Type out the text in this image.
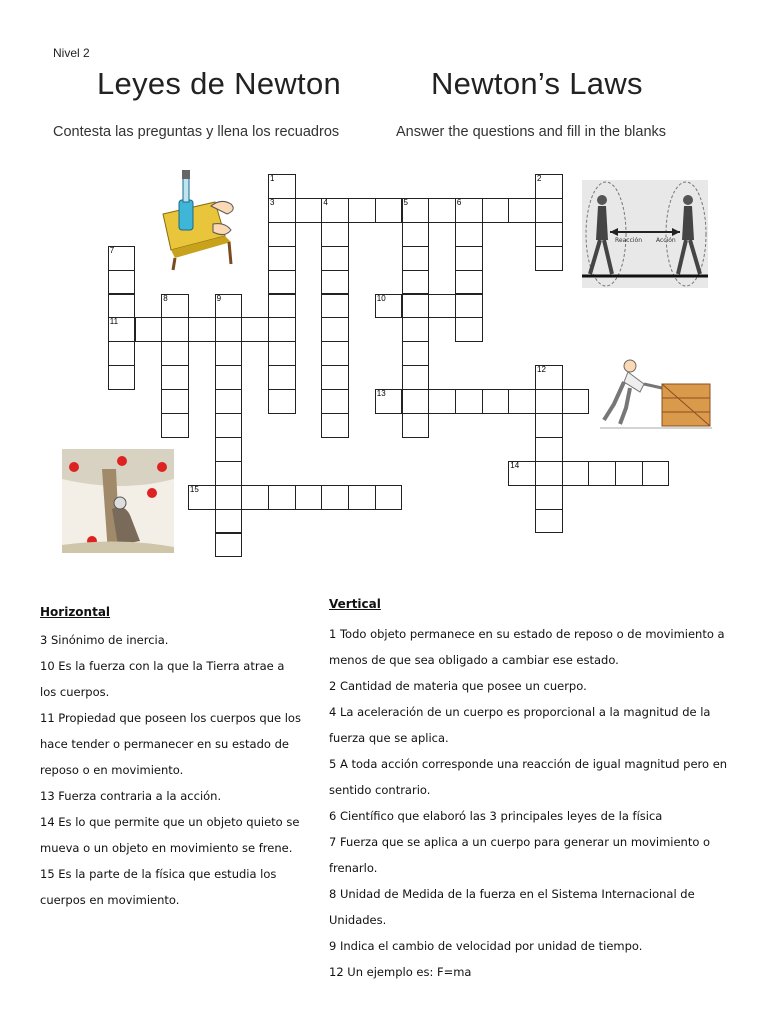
Nivel 2
Leyes de Newton	Newton’s Laws
Contesta las preguntas y llena los recuadros	Answer the questions and fill in the blanks
Reacción Acción
1
3
2
4	5	6
7
11
8	9	10
12
13
14
15
Horizontal
3 Sinónimo de inercia.
10 Es la fuerza con la que la Tierra atrae a los cuerpos.
11 Propiedad que poseen los cuerpos que los hace tender o permanecer en su estado de reposo o en movimiento.
13 Fuerza contraria a la acción.
14 Es lo que permite que un objeto quieto se mueva o un objeto en movimiento se frene.
15 Es la parte de la física que estudia los cuerpos en movimiento.
Vertical
1 Todo objeto permanece en su estado de reposo o de movimiento a menos de que sea obligado a cambiar ese estado.
2 Cantidad de materia que posee un cuerpo.
4 La aceleración de un cuerpo es proporcional a la magnitud de la fuerza que se aplica.
5 A toda acción corresponde una reacción de igual magnitud pero en sentido contrario.
6 Científico que elaboró las 3 principales leyes de la física
7 Fuerza que se aplica a un cuerpo para generar un movimiento o frenarlo.
8 Unidad de Medida de la fuerza en el Sistema Internacional de Unidades.
9 Indica el cambio de velocidad por unidad de tiempo.
12 Un ejemplo es: F=ma
